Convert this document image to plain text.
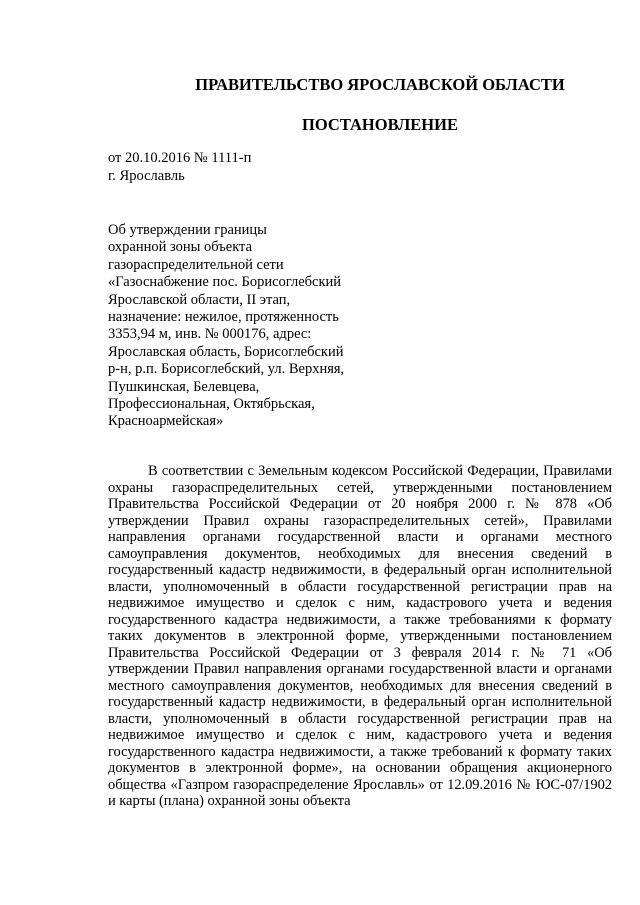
ПРАВИТЕЛЬСТВО ЯРОСЛАВСКОЙ ОБЛАСТИ
ПОСТАНОВЛЕНИЕ
от 20.10.2016 № 1111-п
г. Ярославль
Об утверждении границы
охранной зоны объекта
газораспределительной сети
«Газоснабжение пос. Борисоглебский
Ярославской области, II этап,
назначение: нежилое, протяженность
3353,94 м, инв. № 000176, адрес:
Ярославская область, Борисоглебский
р-н, р.п. Борисоглебский, ул. Верхняя,
Пушкинская, Белевцева,
Профессиональная, Октябрьская,
Красноармейская»

В соответствии с Земельным кодексом Российской Федерации, Правилами охраны газораспределительных сетей, утвержденными постановлением Правительства Российской Федерации от 20 ноября 2000 г. № 878 «Об утверждении Правил охраны газораспределительных сетей», Правилами направления органами государственной власти и органами местного самоуправления документов, необходимых для внесения сведений в государственный кадастр недвижимости, в федеральный орган исполнительной власти, уполномоченный в области государственной регистрации прав на недвижимое имущество и сделок с ним, кадастрового учета и ведения государственного кадастра недвижимости, а также требованиями к формату таких документов в электронной форме, утвержденными постановлением Правительства Российской Федерации от 3 февраля 2014 г. № 71 «Об утверждении Правил направления органами государственной власти и органами местного самоуправления документов, необходимых для внесения сведений в государственный кадастр недвижимости, в федеральный орган исполнительной власти, уполномоченный в области государственной регистрации прав на недвижимое имущество и сделок с ним, кадастрового учета и ведения государственного кадастра недвижимости, а также требований к формату таких документов в электронной форме», на основании обращения акционерного общества «Газпром газораспределение Ярославль» от 12.09.2016 № ЮС-07/1902 и карты (плана) охранной зоны объекта
